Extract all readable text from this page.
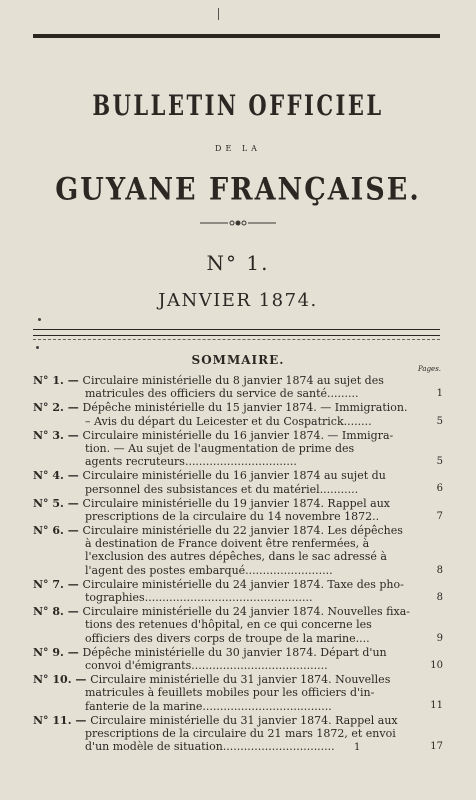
BULLETIN OFFICIEL
DE LA
GUYANE FRANÇAISE.
N° 1.
JANVIER 1874.
SOMMAIRE.
Pages.
N° 1. — Circulaire ministérielle du 8 janvier 1874 au sujet des
matricules des officiers du service de santé.........	1
N° 2. — Dépêche ministérielle du 15 janvier 1874. — Immigration.
– Avis du départ du Leicester et du Cospatrick........	5
N° 3. — Circulaire ministérielle du 16 janvier 1874. — Immigra-
tion. — Au sujet de l'augmentation de prime des
agents recruteurs................................	5
N° 4. — Circulaire ministérielle du 16 janvier 1874 au sujet du
personnel des subsistances et du matériel...........	6
N° 5. — Circulaire ministérielle du 19 janvier 1874. Rappel aux
prescriptions de la circulaire du 14 novembre 1872..	7
N° 6. — Circulaire ministérielle du 22 janvier 1874. Les dépêches
à destination de France doivent être renfermées, à
l'exclusion des autres dépêches, dans le sac adressé à
l'agent des postes embarqué.........................	8
N° 7. — Circulaire ministérielle du 24 janvier 1874. Taxe des pho-
tographies................................................	8
N° 8. — Circulaire ministérielle du 24 janvier 1874. Nouvelles fixa-
tions des retenues d'hôpital, en ce qui concerne les
officiers des divers corps de troupe de la marine....	9
N° 9. — Dépêche ministérielle du 30 janvier 1874. Départ d'un
convoi d'émigrants.......................................	10
N° 10. — Circulaire ministérielle du 31 janvier 1874. Nouvelles
matricules à feuillets mobiles pour les officiers d'in-
fanterie de la marine.....................................	11
N° 11. — Circulaire ministérielle du 31 janvier 1874. Rappel aux
prescriptions de la circulaire du 21 mars 1872, et envoi
d'un modèle de situation................................	17
1
